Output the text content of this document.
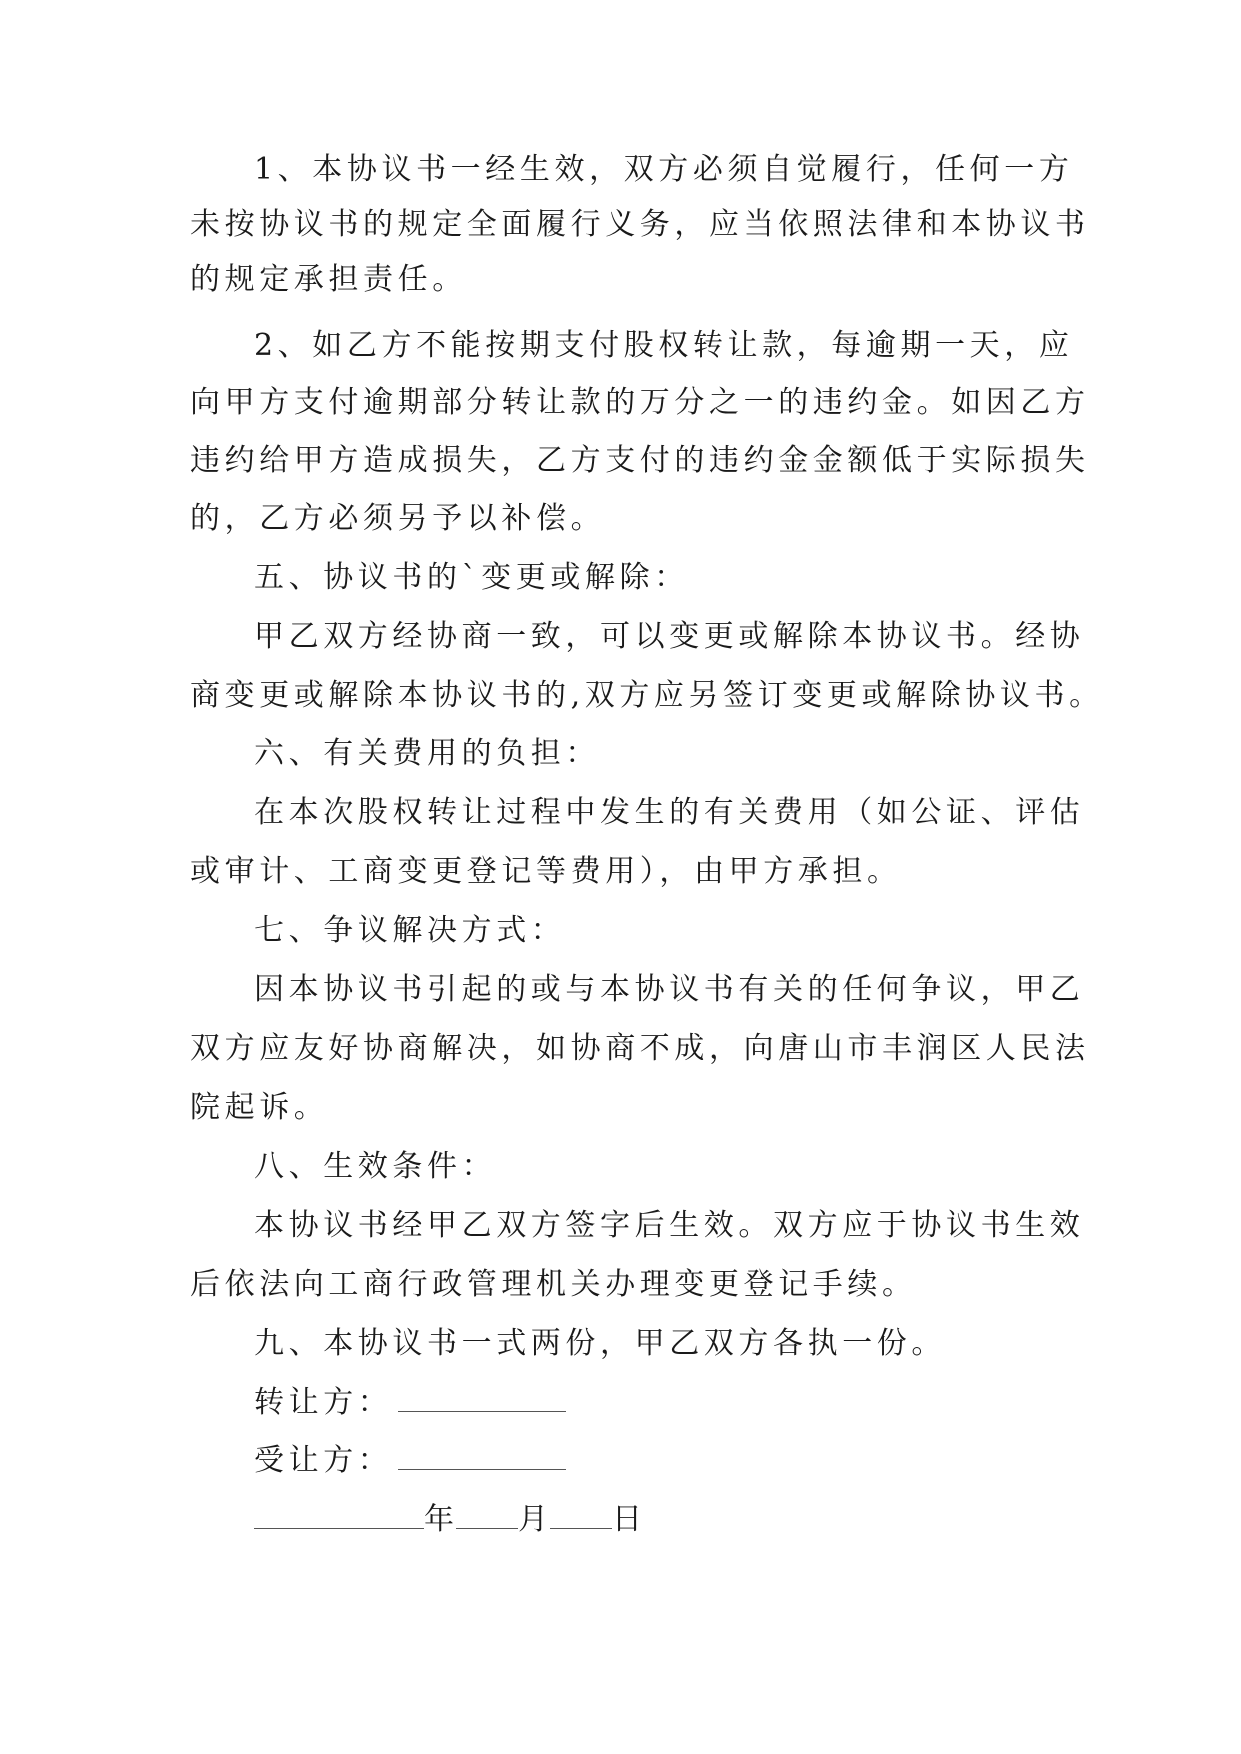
1、本协议书一经生效，双方必须自觉履行，任何一方
未按协议书的规定全面履行义务，应当依照法律和本协议书
的规定承担责任。
2、如乙方不能按期支付股权转让款，每逾期一天，应
向甲方支付逾期部分转让款的万分之一的违约金。如因乙方
违约给甲方造成损失，乙方支付的违约金金额低于实际损失
的，乙方必须另予以补偿。
五、协议书的`变更或解除：
甲乙双方经协商一致，可以变更或解除本协议书。经协
商变更或解除本协议书的,双方应另签订变更或解除协议书。
六、有关费用的负担：
在本次股权转让过程中发生的有关费用（如公证、评估
或审计、工商变更登记等费用），由甲方承担。
七、争议解决方式：
因本协议书引起的或与本协议书有关的任何争议，甲乙
双方应友好协商解决，如协商不成，向唐山市丰润区人民法
院起诉。
八、生效条件：
本协议书经甲乙双方签字后生效。双方应于协议书生效
后依法向工商行政管理机关办理变更登记手续。
九、本协议书一式两份，甲乙双方各执一份。
转让方：
受让方：
年 月 日
